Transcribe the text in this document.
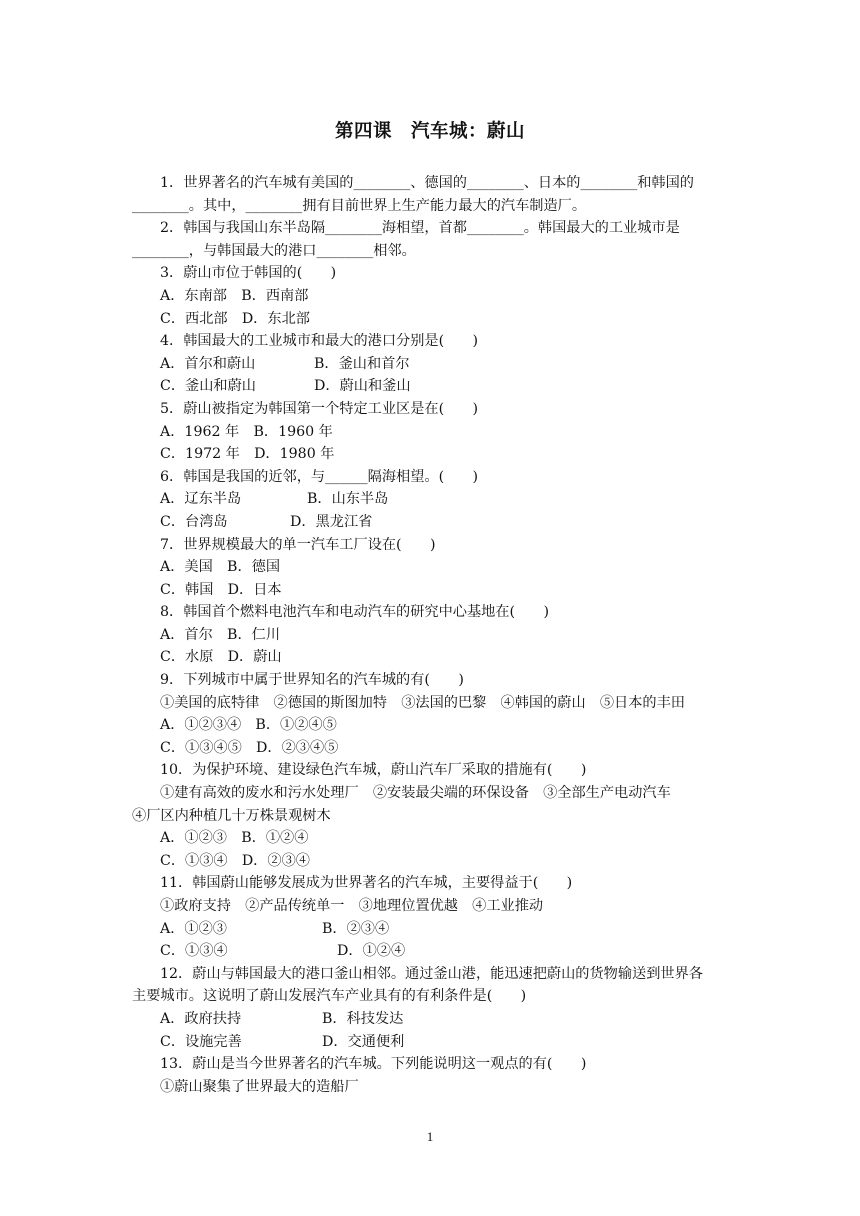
第四课　汽车城：蔚山
1．世界著名的汽车城有美国的________、德国的________、日本的________和韩国的
________。其中，________拥有目前世界上生产能力最大的汽车制造厂。
2．韩国与我国山东半岛隔________海相望，首都________。韩国最大的工业城市是
________，与韩国最大的港口________相邻。
3．蔚山市位于韩国的(　　)
A．东南部　 B．西南部
C．西北部　 D．东北部
4．韩国最大的工业城市和最大的港口分别是(　　)
A．首尔和蔚山	B．釜山和首尔
C．釜山和蔚山	D．蔚山和釜山
5．蔚山被指定为韩国第一个特定工业区是在(　　)
A．1962 年　 B．1960 年
C．1972 年　 D．1980 年
6．韩国是我国的近邻，与______隔海相望。(　　)
A．辽东半岛	B．山东半岛
C．台湾岛	D．黑龙江省
7．世界规模最大的单一汽车工厂设在(　　)
A．美国　 B．德国
C．韩国　 D．日本
8．韩国首个燃料电池汽车和电动汽车的研究中心基地在(　　)
A．首尔　 B．仁川
C．水原　 D．蔚山
9．下列城市中属于世界知名的汽车城的有(　　)
①美国的底特律　②德国的斯图加特　③法国的巴黎　④韩国的蔚山　⑤日本的丰田
A．①②③④　 B．①②④⑤
C．①③④⑤　 D．②③④⑤
10．为保护环境、建设绿色汽车城，蔚山汽车厂采取的措施有(　　)
①建有高效的废水和污水处理厂　②安装最尖端的环保设备　③全部生产电动汽车
④厂区内种植几十万株景观树木
A．①②③　 B．①②④
C．①③④　 D．②③④
11．韩国蔚山能够发展成为世界著名的汽车城，主要得益于(　　)
①政府支持　②产品传统单一　③地理位置优越　④工业推动
A．①②③	B．②③④
C．①③④	D．①②④
12．蔚山与韩国最大的港口釜山相邻。通过釜山港，能迅速把蔚山的货物输送到世界各
主要城市。这说明了蔚山发展汽车产业具有的有利条件是(　　)
A．政府扶持	B．科技发达
C．设施完善	D．交通便利
13．蔚山是当今世界著名的汽车城。下列能说明这一观点的有(　　)
①蔚山聚集了世界最大的造船厂
1
